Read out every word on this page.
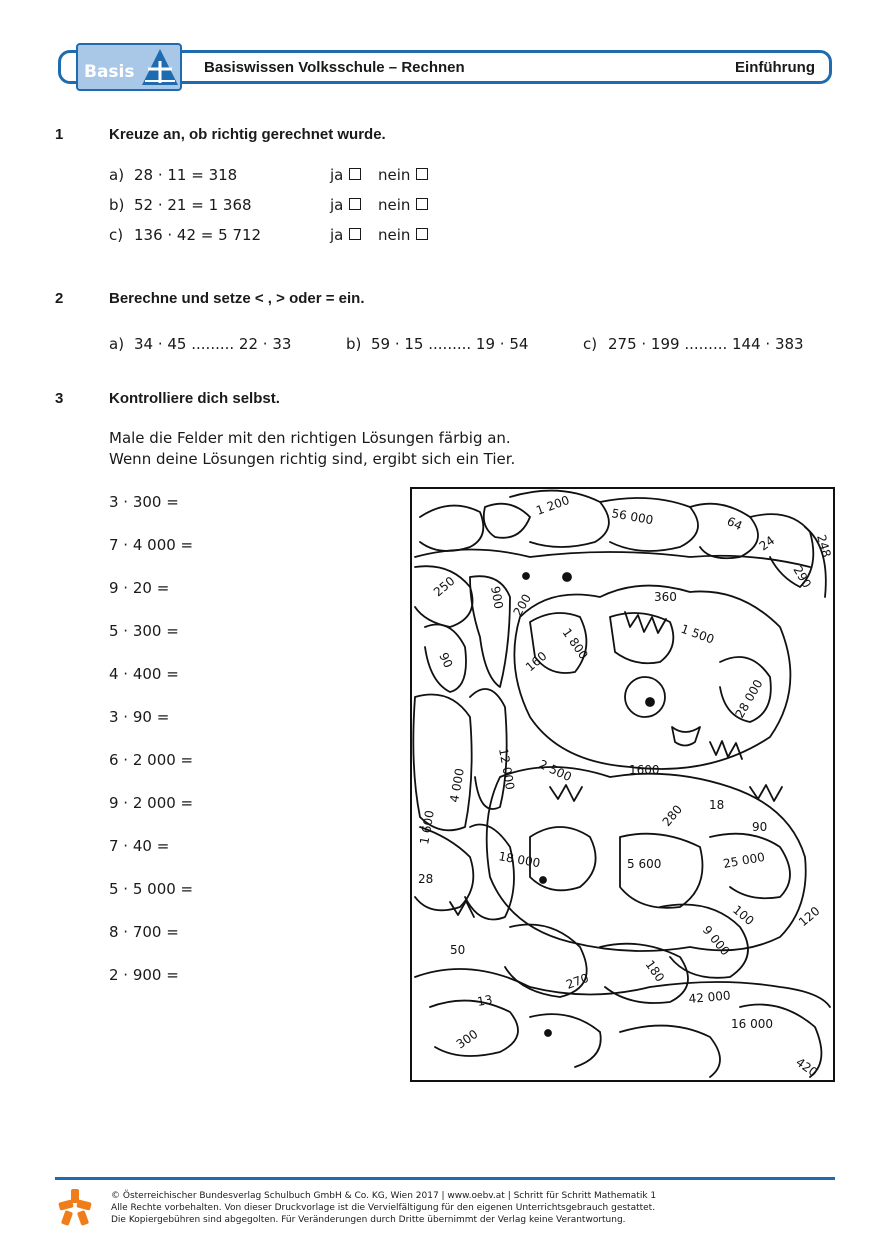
Basis	Basiswissen Volksschule – Rechnen	Einführung
1	Kreuze an, ob richtig gerechnet wurde.
a) 28 · 11 = 318	ja	nein
b) 52 · 21 = 1 368	ja	nein
c) 136 · 42 = 5 712	ja	nein
2	Berechne und setze < , > oder = ein.
a) 34 · 45 ......... 22 · 33	b) 59 · 15 ......... 19 · 54	c) 275 · 199 ......... 144 · 383
3	Kontrolliere dich selbst.
Male die Felder mit den richtigen Lösungen färbig an.
Wenn deine Lösungen richtig sind, ergibt sich ein Tier.
3 · 300 =
7 · 4 000 =
9 · 20 =
5 · 300 =
4 · 400 =
3 · 90 =
6 · 2 000 =
9 · 2 000 =
7 · 40 =
5 · 5 000 =
8 · 700 =
2 · 900 =
1 200	56 000	64
24	248
290
250	900 200	360
90	1 800	1 500
160
28 000
4 000 12 000 2 500	1600
18
1 600	280	90
18 000	5 600	25 000
28
100	120
9 000
50
270	180
13	42 000
16 000
300
420
© Österreichischer Bundesverlag Schulbuch GmbH & Co. KG, Wien 2017 | www.oebv.at | Schritt für Schritt Mathematik 1
Alle Rechte vorbehalten. Von dieser Druckvorlage ist die Vervielfältigung für den eigenen Unterrichtsgebrauch gestattet.
Die Kopiergebühren sind abgegolten. Für Veränderungen durch Dritte übernimmt der Verlag keine Verantwortung.
